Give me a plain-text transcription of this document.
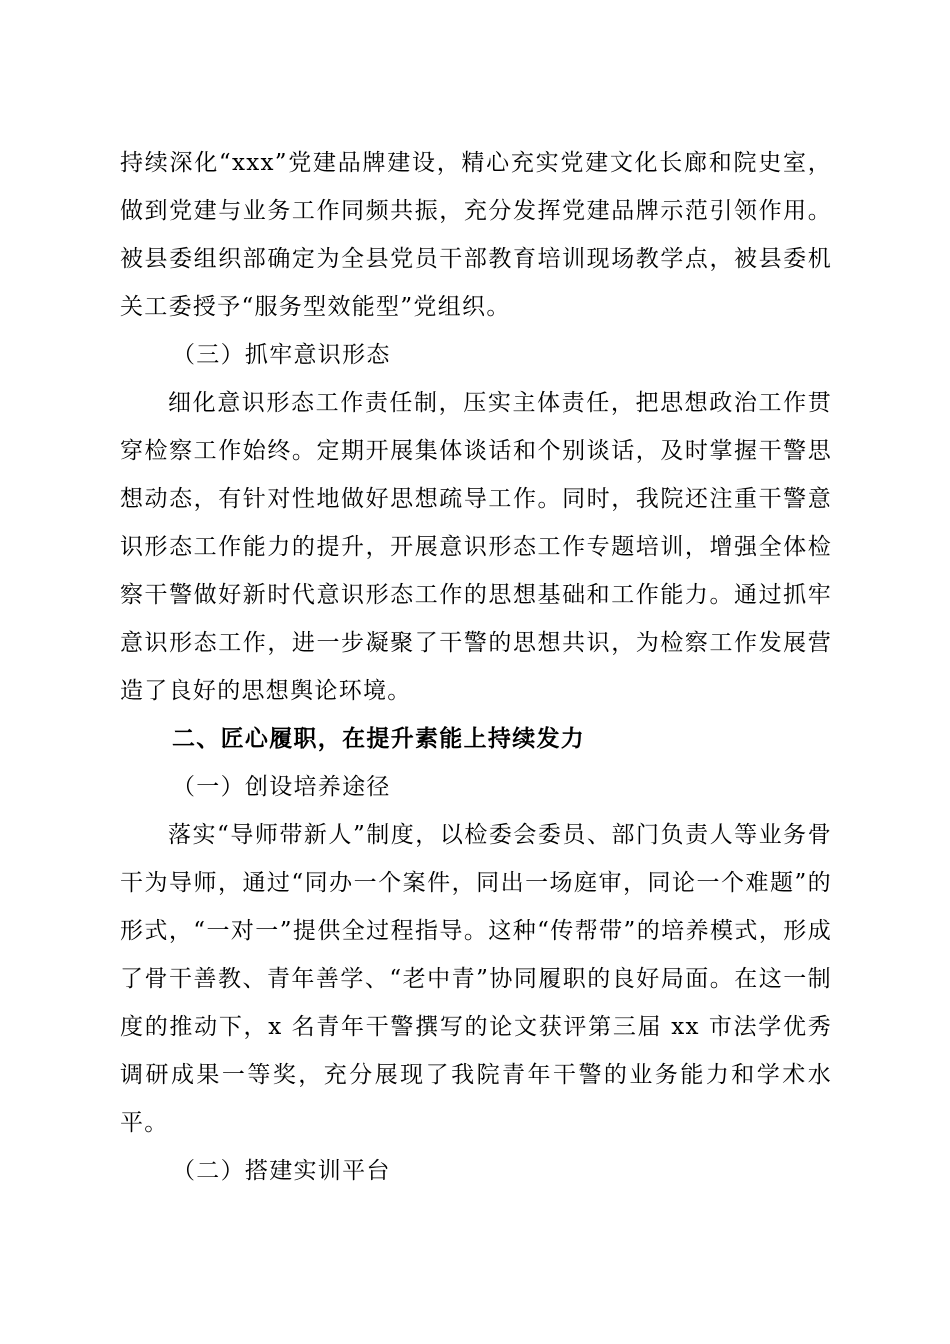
持续深化“xxx”党建品牌建设，精心充实党建文化长廊和院史室，做到党建与业务工作同频共振，充分发挥党建品牌示范引领作用。被县委组织部确定为全县党员干部教育培训现场教学点，被县委机关工委授予“服务型效能型”党组织。

（三）抓牢意识形态

细化意识形态工作责任制，压实主体责任，把思想政治工作贯穿检察工作始终。定期开展集体谈话和个别谈话，及时掌握干警思想动态，有针对性地做好思想疏导工作。同时，我院还注重干警意识形态工作能力的提升，开展意识形态工作专题培训，增强全体检察干警做好新时代意识形态工作的思想基础和工作能力。通过抓牢意识形态工作，进一步凝聚了干警的思想共识，为检察工作发展营造了良好的思想舆论环境。

二、匠心履职，在提升素能上持续发力

（一）创设培养途径

落实“导师带新人”制度，以检委会委员、部门负责人等业务骨干为导师，通过“同办一个案件，同出一场庭审，同论一个难题”的形式，“一对一”提供全过程指导。这种“传帮带”的培养模式，形成了骨干善教、青年善学、“老中青”协同履职的良好局面。在这一制度的推动下，x 名青年干警撰写的论文获评第三届 xx 市法学优秀调研成果一等奖，充分展现了我院青年干警的业务能力和学术水平。

（二）搭建实训平台
